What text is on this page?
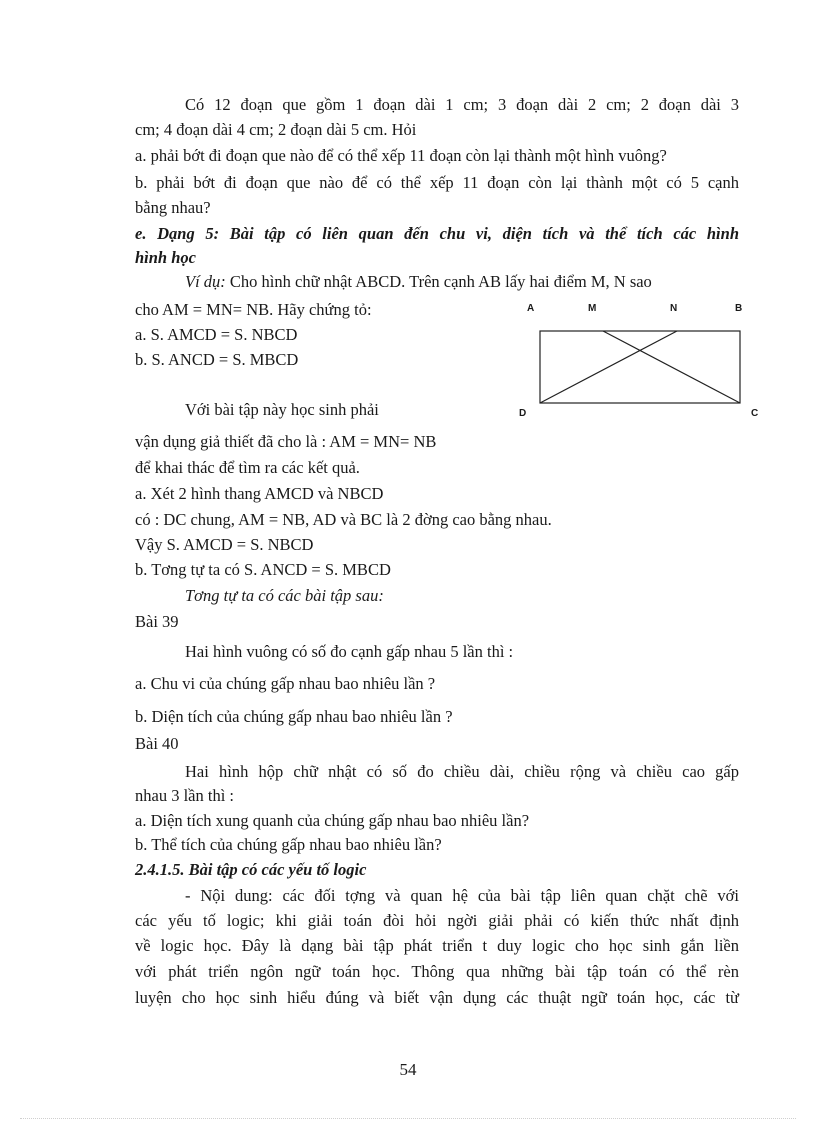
Có 12 đoạn que gồm 1 đoạn dài 1 cm; 3 đoạn dài 2 cm; 2 đoạn dài 3
cm; 4 đoạn dài 4 cm; 2 đoạn dài 5 cm. Hỏi
a. phải bớt đi đoạn que nào để có thể xếp 11 đoạn còn lại thành một hình vuông?
b. phải bớt đi đoạn que nào để có thể xếp 11 đoạn còn lại thành một có 5 cạnh
bằng nhau?
e. Dạng 5: Bài tập có liên quan đến chu vi, diện tích và thể tích các hình
hình học
Ví dụ: Cho hình chữ nhật ABCD. Trên cạnh AB lấy hai điểm M, N sao
cho AM = MN= NB. Hãy chứng tỏ:
a. S. AMCD = S. NBCD
b. S. ANCD = S. MBCD
A	M	N	B
D	C
Với bài tập này học sinh phải
vận dụng giả thiết đã cho là : AM = MN= NB
để khai thác để tìm ra các kết quả.
a. Xét 2 hình thang AMCD và NBCD
có : DC chung, AM = NB, AD và BC là 2 đờng cao bằng nhau.
Vậy S. AMCD = S. NBCD
b. Tơng tự ta có S. ANCD = S. MBCD
Tơng tự ta có các bài tập sau:
Bài 39
Hai hình vuông có số đo cạnh gấp nhau 5 lần thì :
a. Chu vi của chúng gấp nhau bao nhiêu lần ?
b. Diện tích của chúng gấp nhau bao nhiêu lần ?
Bài 40
Hai hình hộp chữ nhật có số đo chiều dài, chiều rộng và chiều cao gấp
nhau 3 lần thì :
a. Diện tích xung quanh của chúng gấp nhau bao nhiêu lần?
b. Thể tích của chúng gấp nhau bao nhiêu lần?
2.4.1.5. Bài tập có các yếu tố logic
- Nội dung: các đối tợng và quan hệ của bài tập liên quan chặt chẽ với
các yếu tố logic; khi giải toán đòi hỏi ngời giải phải có kiến thức nhất định
về logic học. Đây là dạng bài tập phát triển t duy logic cho học sinh gắn liền
với phát triển ngôn ngữ toán học. Thông qua những bài tập toán có thể rèn
luyện cho học sinh hiểu đúng và biết vận dụng các thuật ngữ toán học, các từ
54
